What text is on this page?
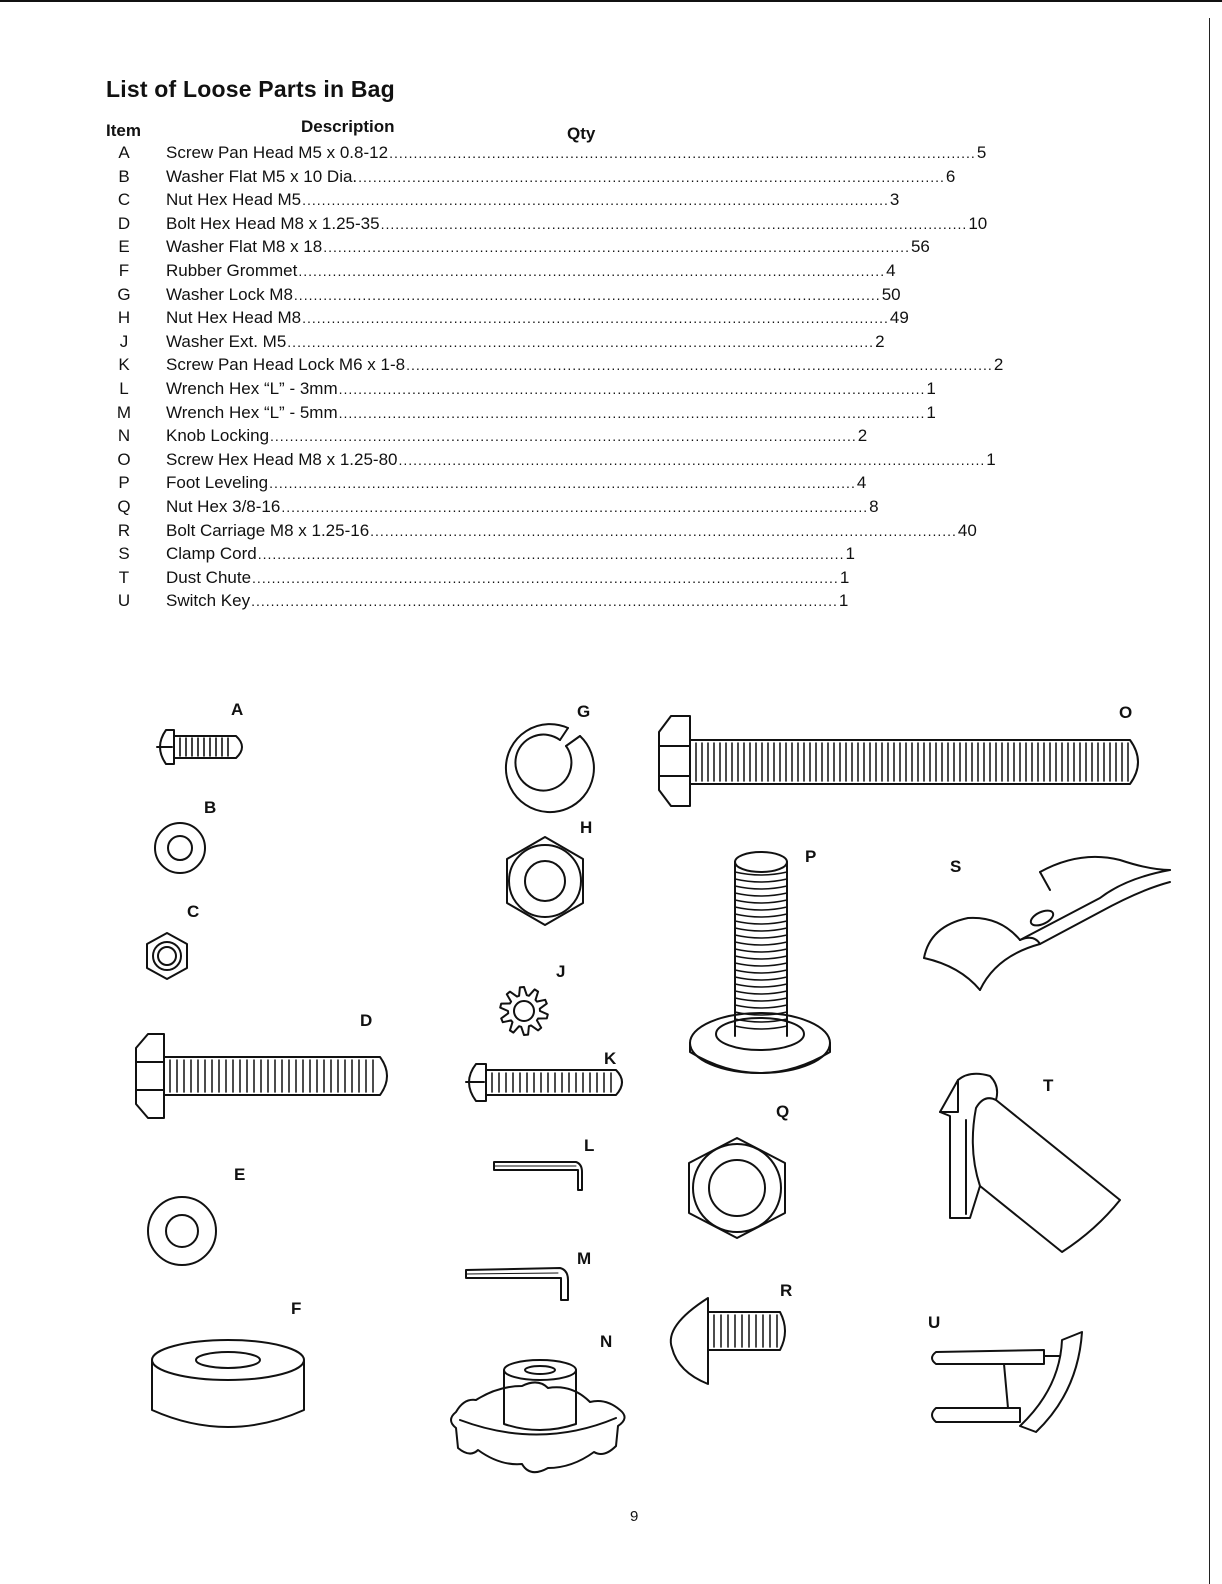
List of Loose Parts in Bag
Item	Description	Qty
A	Screw Pan Head M5 x 0.8-12 ........................................................................................................................ 5
B	Washer Flat M5 x 10 Dia. ........................................................................................................................ 6
C	Nut Hex Head M5 ........................................................................................................................ 3
D	Bolt Hex Head M8 x 1.25-35 ........................................................................................................................ 10
E	Washer Flat M8 x 18 ........................................................................................................................ 56
F	Rubber Grommet ........................................................................................................................ 4
G	Washer Lock M8 ........................................................................................................................ 50
H	Nut Hex Head M8 ........................................................................................................................ 49
J	Washer Ext. M5 ........................................................................................................................ 2
K	Screw Pan Head Lock M6 x 1-8 ........................................................................................................................ 2
L	Wrench Hex “L” - 3mm ........................................................................................................................ 1
M Wrench Hex “L” - 5mm ........................................................................................................................ 1
N	Knob Locking ........................................................................................................................ 2
O	Screw Hex Head M8 x 1.25-80 ........................................................................................................................ 1
P	Foot Leveling ........................................................................................................................ 4
Q	Nut Hex 3/8-16 ........................................................................................................................ 8
R	Bolt Carriage M8 x 1.25-16 ........................................................................................................................ 40
S	Clamp Cord ........................................................................................................................ 1
T	Dust Chute ........................................................................................................................ 1
U	Switch Key ........................................................................................................................ 1
A
B
C
D
E
F
G
H
J
K
L
M
N
O
P
Q
R
S
T
U
9
